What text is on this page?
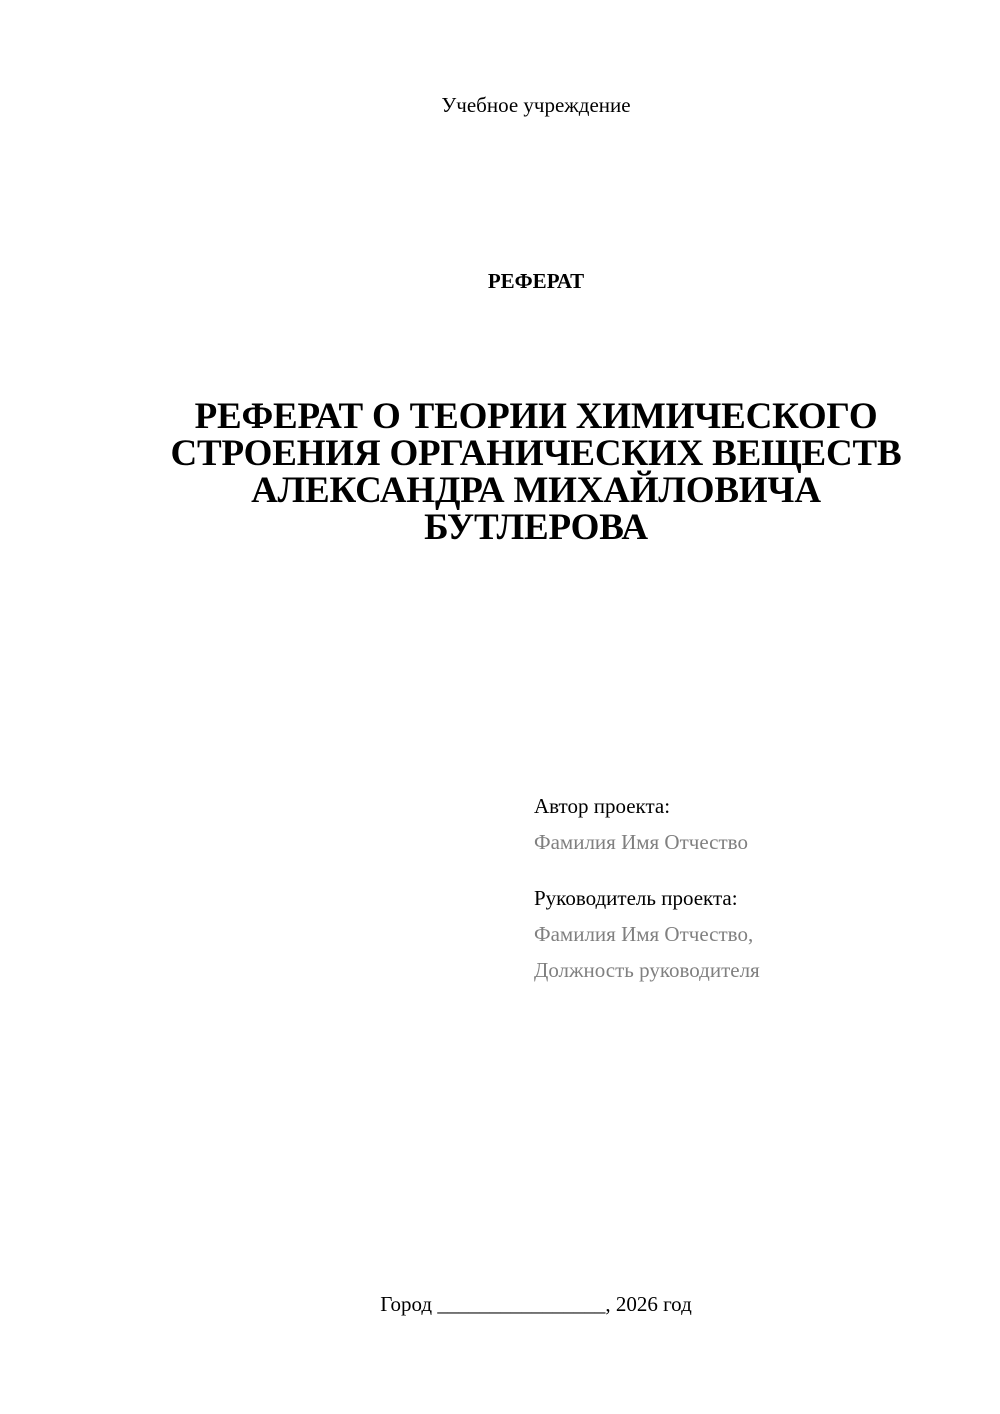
Учебное учреждение
РЕФЕРАТ
РЕФЕРАТ О ТЕОРИИ ХИМИЧЕСКОГО
СТРОЕНИЯ ОРГАНИЧЕСКИХ ВЕЩЕСТВ
АЛЕКСАНДРА МИХАЙЛОВИЧА
БУТЛЕРОВА
Автор проекта:
Фамилия Имя Отчество
Руководитель проекта:
Фамилия Имя Отчество,
Должность руководителя
Город ________________, 2026 год
